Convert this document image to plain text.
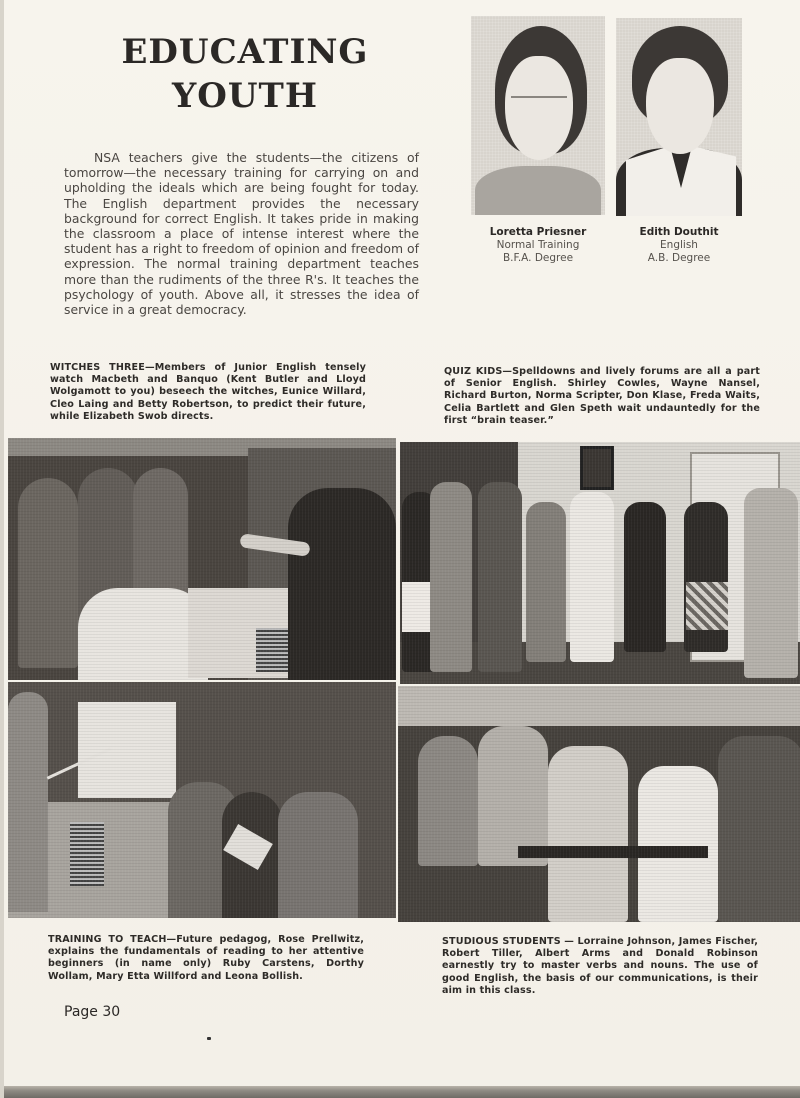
EDUCATING
YOUTH

NSA teachers give the students—the citizens of tomorrow—the necessary training for carrying on and upholding the ideals which are being fought for today. The English department provides the necessary background for correct English. It takes pride in making the classroom a place of intense interest where the student has a right to freedom of opinion and freedom of expression. The normal training department teaches more than the rudiments of the three R's. It teaches the psychology of youth. Above all, it stresses the idea of service in a great democracy.

Loretta Priesner
Normal Training
B.F.A. Degree
Edith Douthit
English
A.B. Degree

WITCHES THREE—Members of Junior English tensely watch Macbeth and Banquo (Kent Butler and Lloyd Wolgamott to you) beseech the witches, Eunice Willard, Cleo Laing and Betty Robertson, to predict their future, while Elizabeth Swob directs.

QUIZ KIDS—Spelldowns and lively forums are all a part of Senior English. Shirley Cowles, Wayne Nansel, Richard Burton, Norma Scripter, Don Klase, Freda Waits, Celia Bartlett and Glen Speth wait undauntedly for the first “brain teaser.”

TRAINING TO TEACH—Future pedagog, Rose Prellwitz, explains the fundamentals of reading to her attentive beginners (in name only) Ruby Carstens, Dorthy Wollam, Mary Etta Willford and Leona Bollish.

STUDIOUS STUDENTS — Lorraine Johnson, James Fischer, Robert Tiller, Albert Arms and Donald Robinson earnestly try to master verbs and nouns. The use of good English, the basis of our communications, is their aim in this class.

Page 30
